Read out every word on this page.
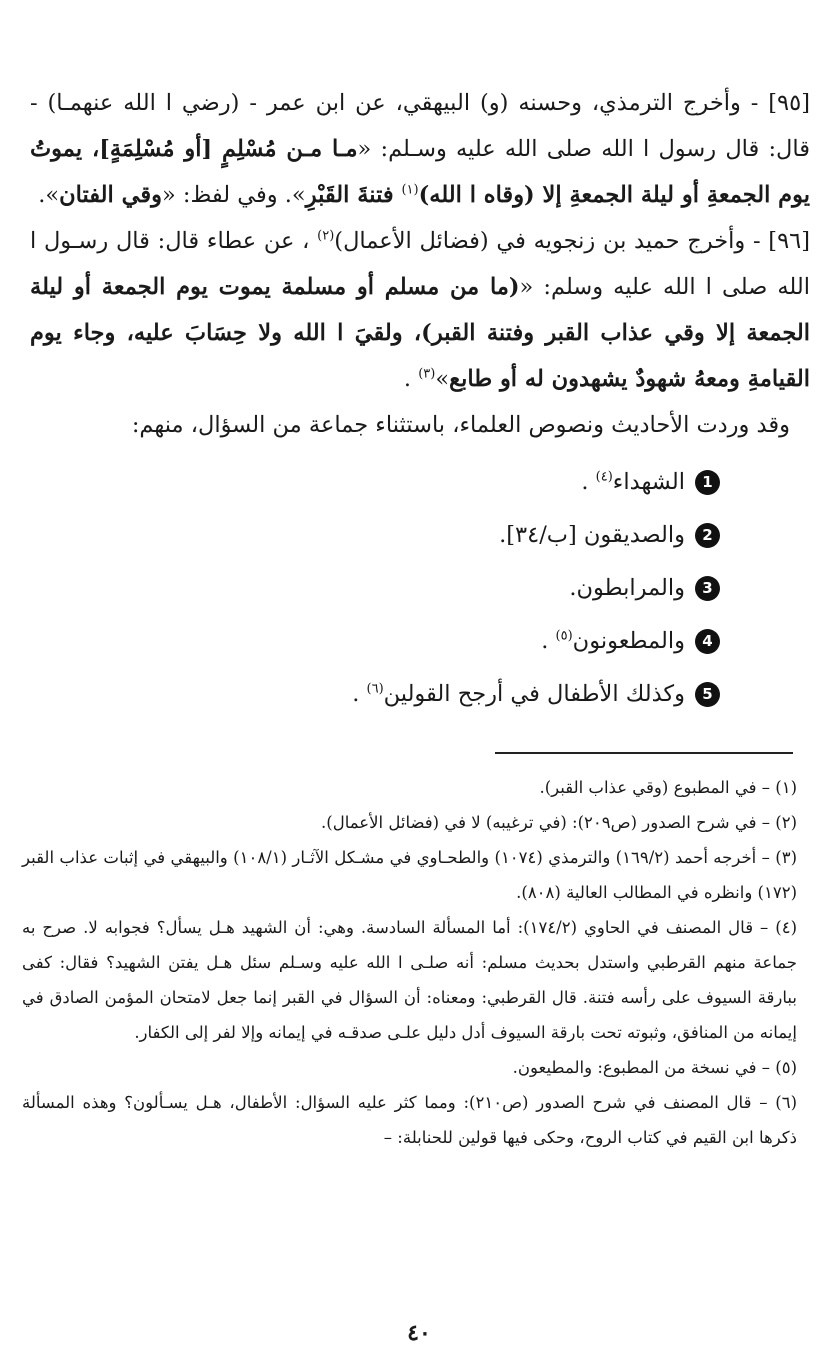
[٩٥] - وأخرج الترمذي، وحسنه (و) البيهقي، عن ابن عمر - (رضي ا الله عنهمـا) - قال: قال رسول ا الله صلى الله عليه وسـلم: «مـا مـن مُسْلِمٍ [أو مُسْلِمَةٍ]، يموتُ يوم الجمعةِ أو ليلة الجمعةِ إلا (وقاه ا الله)$^{(١)}$ فتنةَ القَبْرِ». وفي لفظ: «وقي الفتان».

[٩٦] - وأخرج حميد بن زنجويه في (فضائل الأعمال)$^{(٢)}$ ، عن عطاء قال: قال رسـول ا الله صلى ا الله عليه وسلم: «(ما من مسلم أو مسلمة يموت يوم الجمعة أو ليلة الجمعة إلا وقي عذاب القبر وفتنة القبر)، ولقيَ ا الله ولا حِسَابَ عليه، وجاء يوم القيامةِ ومعهُ شهودٌ يشهدون له أو طابع»$^{(٣)}$ .

وقد وردت الأحاديث ونصوص العلماء، باستثناء جماعة من السؤال، منهم:

1
الشهداء$^{(٤)}$ .
2
والصديقون [ب/٣٤].
3
والمرابطون.
4
والمطعونون$^{(٥)}$ .
5
وكذلك الأطفال في أرجح القولين$^{(٦)}$ .

(١) – في المطبوع (وقي عذاب القبر).

(٢) – في شرح الصدور (ص٢٠٩): (في ترغيبه) لا في (فضائل الأعمال).

(٣) – أخرجه أحمد (١٦٩/٢) والترمذي (١٠٧٤) والطحـاوي في مشـكل الآثـار (١٠٨/١) والبيهقي في إثبات عذاب القبر (١٧٢) وانظره في المطالب العالية (٨٠٨).

(٤) – قال المصنف في الحاوي (١٧٤/٢): أما المسألة السادسة. وهي: أن الشهيد هـل يسأل؟ فجوابه لا. صرح به جماعة منهم القرطبي واستدل بحديث مسلم: أنه صلـى ا الله عليه وسـلم سئل هـل يفتن الشهيد؟ فقال: كفى ببارقة السيوف على رأسه فتنة. قال القرطبي: ومعناه: أن السؤال في القبر إنما جعل لامتحان المؤمن الصادق في إيمانه من المنافق، وثبوته تحت بارقة السيوف أدل دليل علـى صدقـه في إيمانه وإلا لفر إلى الكفار.

(٥) – في نسخة من المطبوع: والمطيعون.

(٦) – قال المصنف في شرح الصدور (ص٢١٠): ومما كثر عليه السؤال: الأطفال، هـل يسـألون؟ وهذه المسألة ذكرها ابن القيم في كتاب الروح، وحكى فيها قولين للحنابلة: –

٤٠
